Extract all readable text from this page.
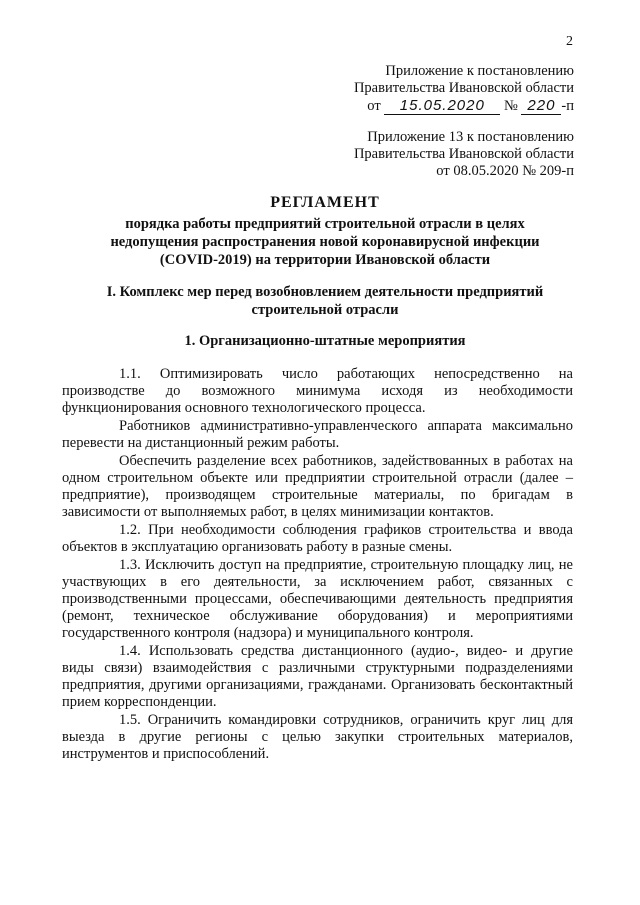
2
Приложение к постановлению
Правительства Ивановской области
от 15.05.2020 № 220 -п
Приложение 13 к постановлению
Правительства Ивановской области
от 08.05.2020 № 209-п
РЕГЛАМЕНТ
порядка работы предприятий строительной отрасли в целях недопущения распространения новой коронавирусной инфекции (COVID-2019) на территории Ивановской области
I. Комплекс мер перед возобновлением деятельности предприятий строительной отрасли
1. Организационно-штатные мероприятия

1.1. Оптимизировать число работающих непосредственно на производстве до возможного минимума исходя из необходимости функционирования основного технологического процесса.

Работников административно-управленческого аппарата максимально перевести на дистанционный режим работы.

Обеспечить разделение всех работников, задействованных в работах на одном строительном объекте или предприятии строительной отрасли (далее – предприятие), производящем строительные материалы, по бригадам в зависимости от выполняемых работ, в целях минимизации контактов.

1.2. При необходимости соблюдения графиков строительства и ввода объектов в эксплуатацию организовать работу в разные смены.

1.3. Исключить доступ на предприятие, строительную площадку лиц, не участвующих в его деятельности, за исключением работ, связанных с производственными процессами, обеспечивающими деятельность предприятия (ремонт, техническое обслуживание оборудования) и мероприятиями государственного контроля (надзора) и муниципального контроля.

1.4. Использовать средства дистанционного (аудио-, видео- и другие виды связи) взаимодействия с различными структурными подразделениями предприятия, другими организациями, гражданами. Организовать бесконтактный прием корреспонденции.

1.5. Ограничить командировки сотрудников, ограничить круг лиц для выезда в другие регионы с целью закупки строительных материалов, инструментов и приспособлений.
